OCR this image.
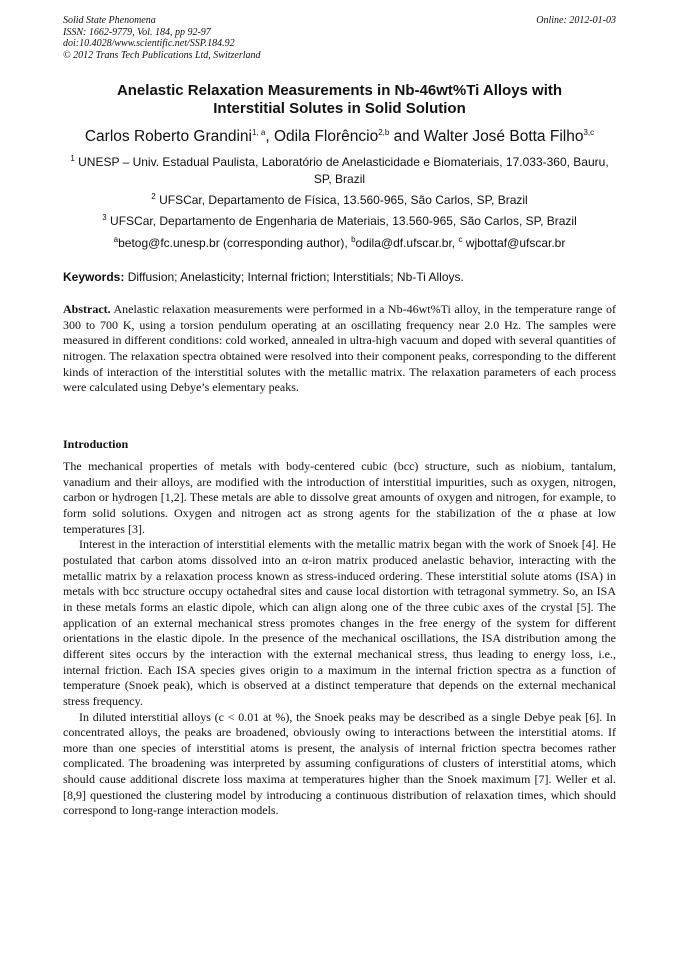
Solid State Phenomena
ISSN: 1662-9779, Vol. 184, pp 92-97
doi:10.4028/www.scientific.net/SSP.184.92
© 2012 Trans Tech Publications Ltd, Switzerland
Online: 2012-01-03
Anelastic Relaxation Measurements in Nb-46wt%Ti Alloys with
Interstitial Solutes in Solid Solution
Carlos Roberto Grandini$^{1, a}$, Odila Florêncio$^{2,b}$ and Walter José Botta Filho$^{3,c}$
$^1$ UNESP – Univ. Estadual Paulista, Laboratório de Anelasticidade e Biomateriais, 17.033-360, Bauru, SP, Brazil
$^2$ UFSCar, Departamento de Física, 13.560-965, São Carlos, SP, Brazil
$^3$ UFSCar, Departamento de Engenharia de Materiais, 13.560-965, São Carlos, SP, Brazil
$^a$betog@fc.unesp.br (corresponding author), $^b$odila@df.ufscar.br, $^c$ wjbottaf@ufscar.br
Keywords: Diffusion; Anelasticity; Internal friction; Interstitials; Nb-Ti Alloys.
Abstract. Anelastic relaxation measurements were performed in a Nb-46wt%Ti alloy, in the temperature range of 300 to 700 K, using a torsion pendulum operating at an oscillating frequency near 2.0 Hz. The samples were measured in different conditions: cold worked, annealed in ultra-high vacuum and doped with several quantities of nitrogen. The relaxation spectra obtained were resolved into their component peaks, corresponding to the different kinds of interaction of the interstitial solutes with the metallic matrix. The relaxation parameters of each process were calculated using Debye’s elementary peaks.
Introduction
The mechanical properties of metals with body-centered cubic (bcc) structure, such as niobium, tantalum, vanadium and their alloys, are modified with the introduction of interstitial impurities, such as oxygen, nitrogen, carbon or hydrogen [1,2]. These metals are able to dissolve great amounts of oxygen and nitrogen, for example, to form solid solutions. Oxygen and nitrogen act as strong agents for the stabilization of the α phase at low temperatures [3].
Interest in the interaction of interstitial elements with the metallic matrix began with the work of Snoek [4]. He postulated that carbon atoms dissolved into an α-iron matrix produced anelastic behavior, interacting with the metallic matrix by a relaxation process known as stress-induced ordering. These interstitial solute atoms (ISA) in metals with bcc structure occupy octahedral sites and cause local distortion with tetragonal symmetry. So, an ISA in these metals forms an elastic dipole, which can align along one of the three cubic axes of the crystal [5]. The application of an external mechanical stress promotes changes in the free energy of the system for different orientations in the elastic dipole. In the presence of the mechanical oscillations, the ISA distribution among the different sites occurs by the interaction with the external mechanical stress, thus leading to energy loss, i.e., internal friction. Each ISA species gives origin to a maximum in the internal friction spectra as a function of temperature (Snoek peak), which is observed at a distinct temperature that depends on the external mechanical stress frequency.
In diluted interstitial alloys (c < 0.01 at %), the Snoek peaks may be described as a single Debye peak [6]. In concentrated alloys, the peaks are broadened, obviously owing to interactions between the interstitial atoms. If more than one species of interstitial atoms is present, the analysis of internal friction spectra becomes rather complicated. The broadening was interpreted by assuming configurations of clusters of interstitial atoms, which should cause additional discrete loss maxima at temperatures higher than the Snoek maximum [7]. Weller et al. [8,9] questioned the clustering model by introducing a continuous distribution of relaxation times, which should correspond to long-range interaction models.
